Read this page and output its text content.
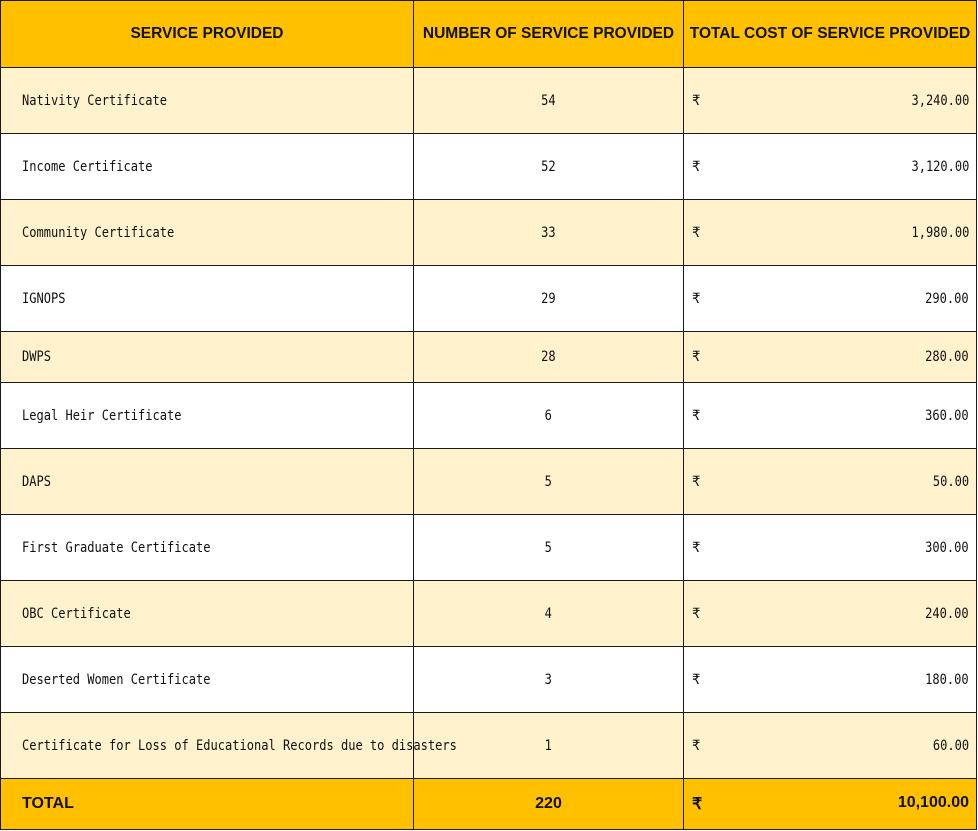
SERVICE PROVIDED	NUMBER OF SERVICE PROVIDED	TOTAL COST OF SERVICE PROVIDED
Nativity Certificate	54	₹ 3,240.00

Income Certificate	52	₹ 3,120.00

Community Certificate	33	₹ 1,980.00

IGNOPS	29	₹ 290.00

DWPS	28	₹ 280.00

Legal Heir Certificate	6	₹ 360.00

DAPS	5	₹ 50.00

First Graduate Certificate	5	₹ 300.00

OBC Certificate	4	₹ 240.00

Deserted Women Certificate	3	₹ 180.00

Certificate for Loss of Educational Records due to disasters	1	₹ 60.00

TOTAL	220	₹ 10,100.00
